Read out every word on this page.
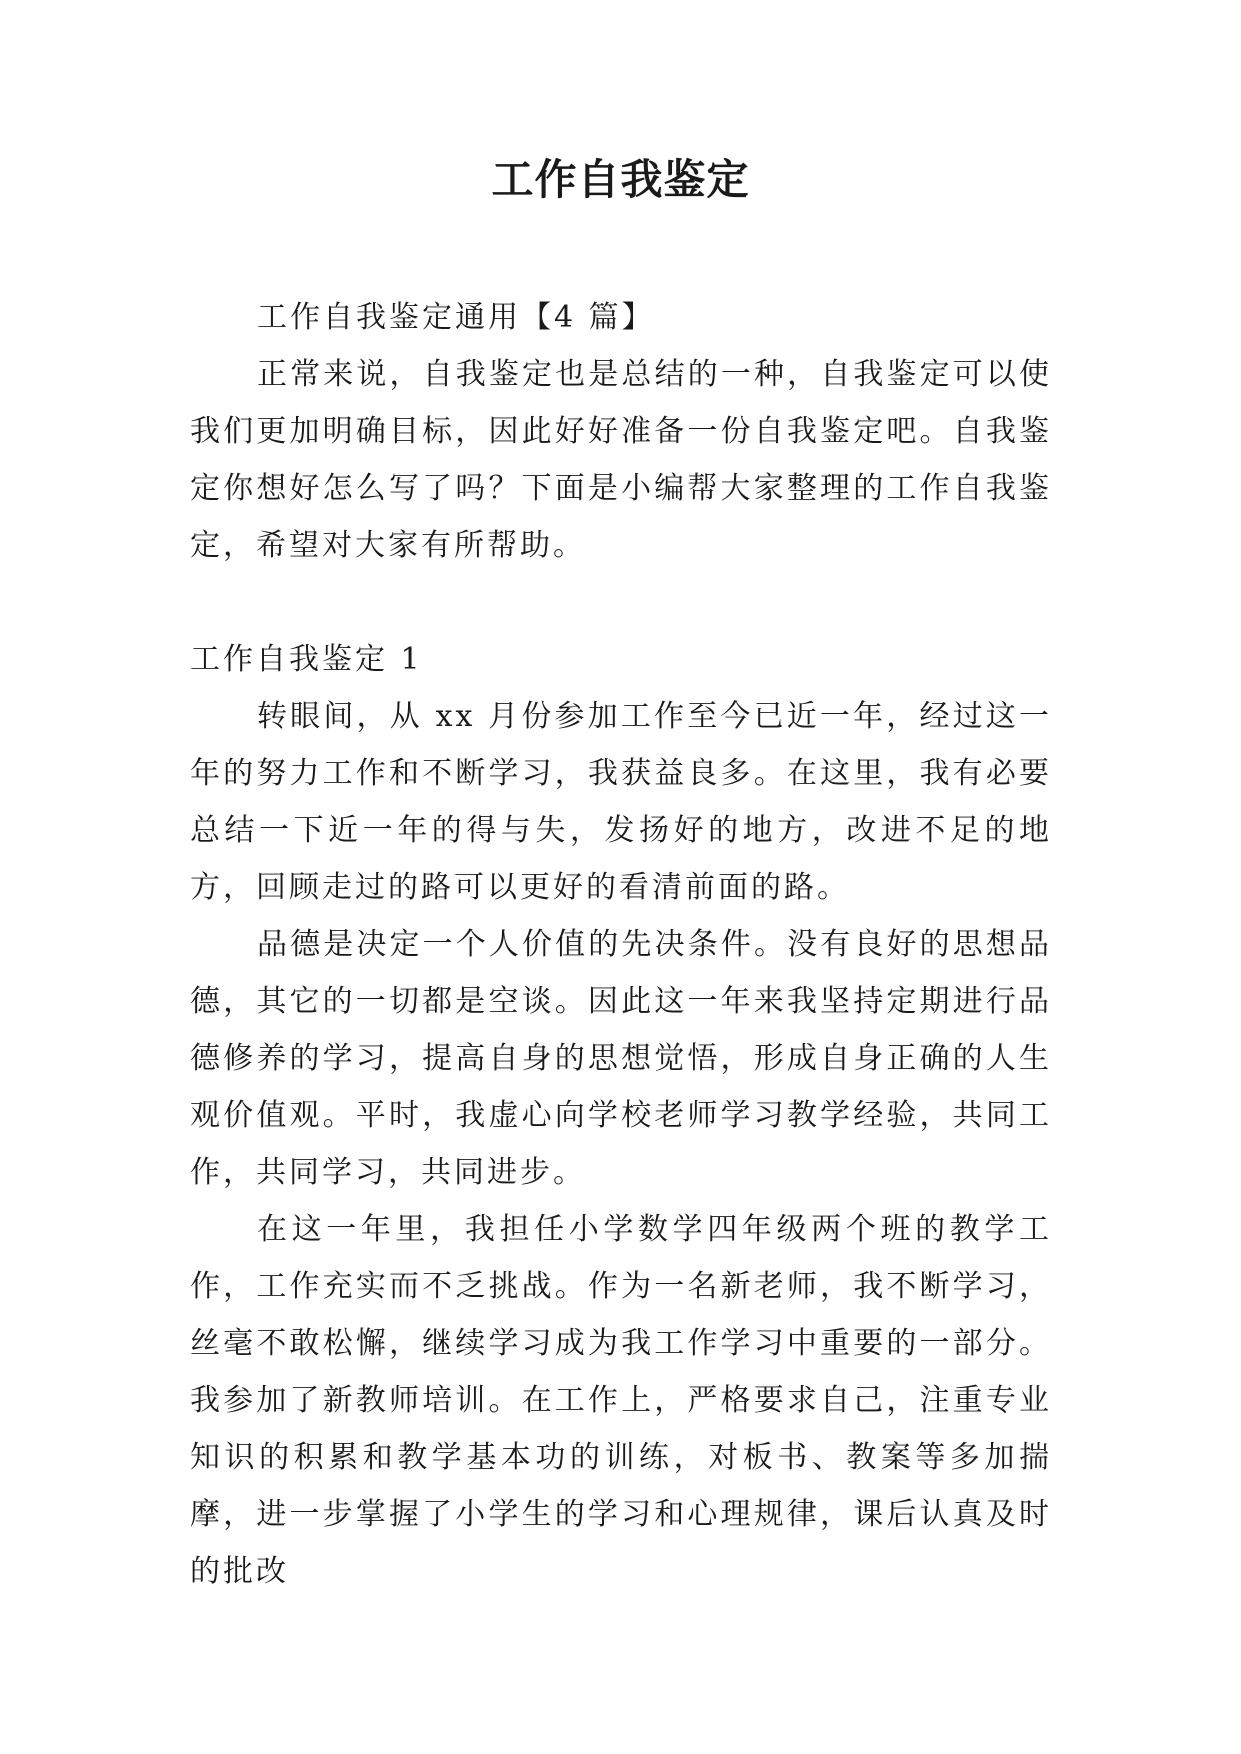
工作自我鉴定

工作自我鉴定通用【4 篇】

正常来说，自我鉴定也是总结的一种，自我鉴定可以使我们更加明确目标，因此好好准备一份自我鉴定吧。自我鉴定你想好怎么写了吗？下面是小编帮大家整理的工作自我鉴定，希望对大家有所帮助。

工作自我鉴定 1

转眼间，从 xx 月份参加工作至今已近一年，经过这一年的努力工作和不断学习，我获益良多。在这里，我有必要总结一下近一年的得与失，发扬好的地方，改进不足的地方，回顾走过的路可以更好的看清前面的路。

品德是决定一个人价值的先决条件。没有良好的思想品德，其它的一切都是空谈。因此这一年来我坚持定期进行品德修养的学习，提高自身的思想觉悟，形成自身正确的人生观价值观。平时，我虚心向学校老师学习教学经验，共同工作，共同学习，共同进步。

在这一年里，我担任小学数学四年级两个班的教学工作，工作充实而不乏挑战。作为一名新老师，我不断学习，丝毫不敢松懈，继续学习成为我工作学习中重要的一部分。我参加了新教师培训。在工作上，严格要求自己，注重专业知识的积累和教学基本功的训练，对板书、教案等多加揣摩，进一步掌握了小学生的学习和心理规律，课后认真及时的批改
